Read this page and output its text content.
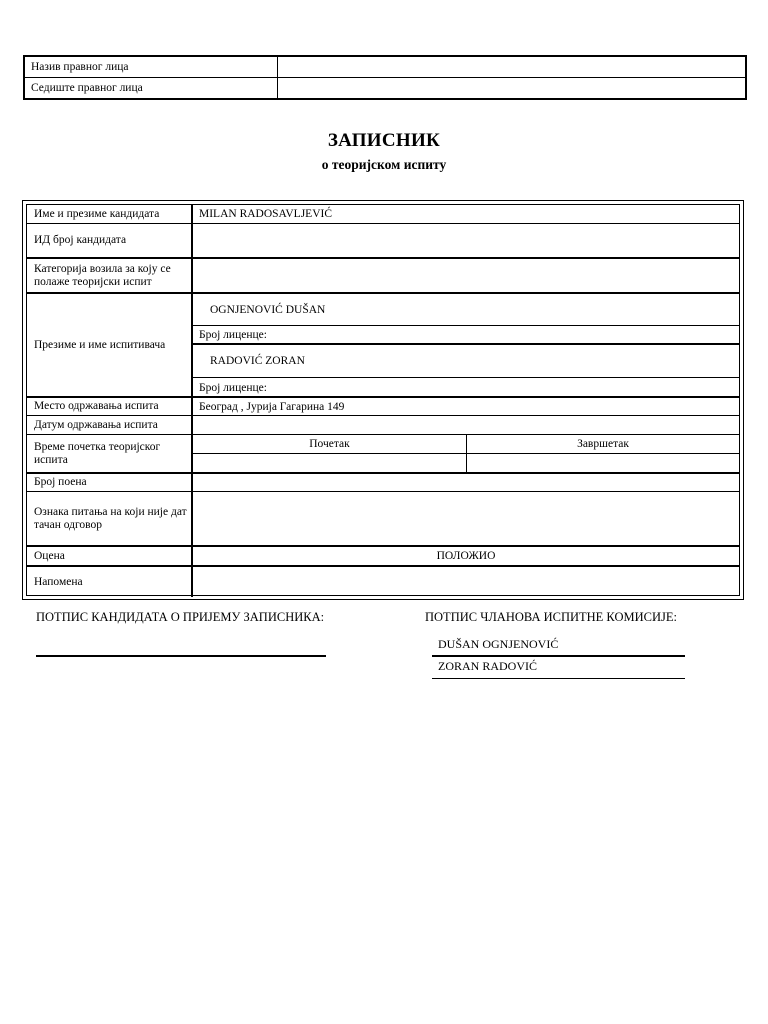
Назив правног лица
Седиште правног лица
ЗАПИСНИК
о теоријском испиту
Име и презиме кандидата	MILAN RADOSAVLJEVIĆ
ИД број кандидата
Категорија возила за коју се полаже теоријски испит
Презиме и име испитивача
OGNJENOVIĆ DUŠAN
Број лиценце:
RADOVIĆ ZORAN
Број лиценце:
Место одржавања испита	Београд , Јурија Гагарина 149
Датум одржавања испита
Време почетка теоријског испита
Почетак	Завршетак
Број поена
Ознака питања на који није дат тачан одговор
Оцена	ПОЛОЖИО
Напомена
ПОТПИС КАНДИДАТА О ПРИЈЕМУ ЗАПИСНИКА:	ПОТПИС ЧЛАНОВА ИСПИТНЕ КОМИСИЈЕ:
DUŠAN OGNJENOVIĆ
ZORAN RADOVIĆ
